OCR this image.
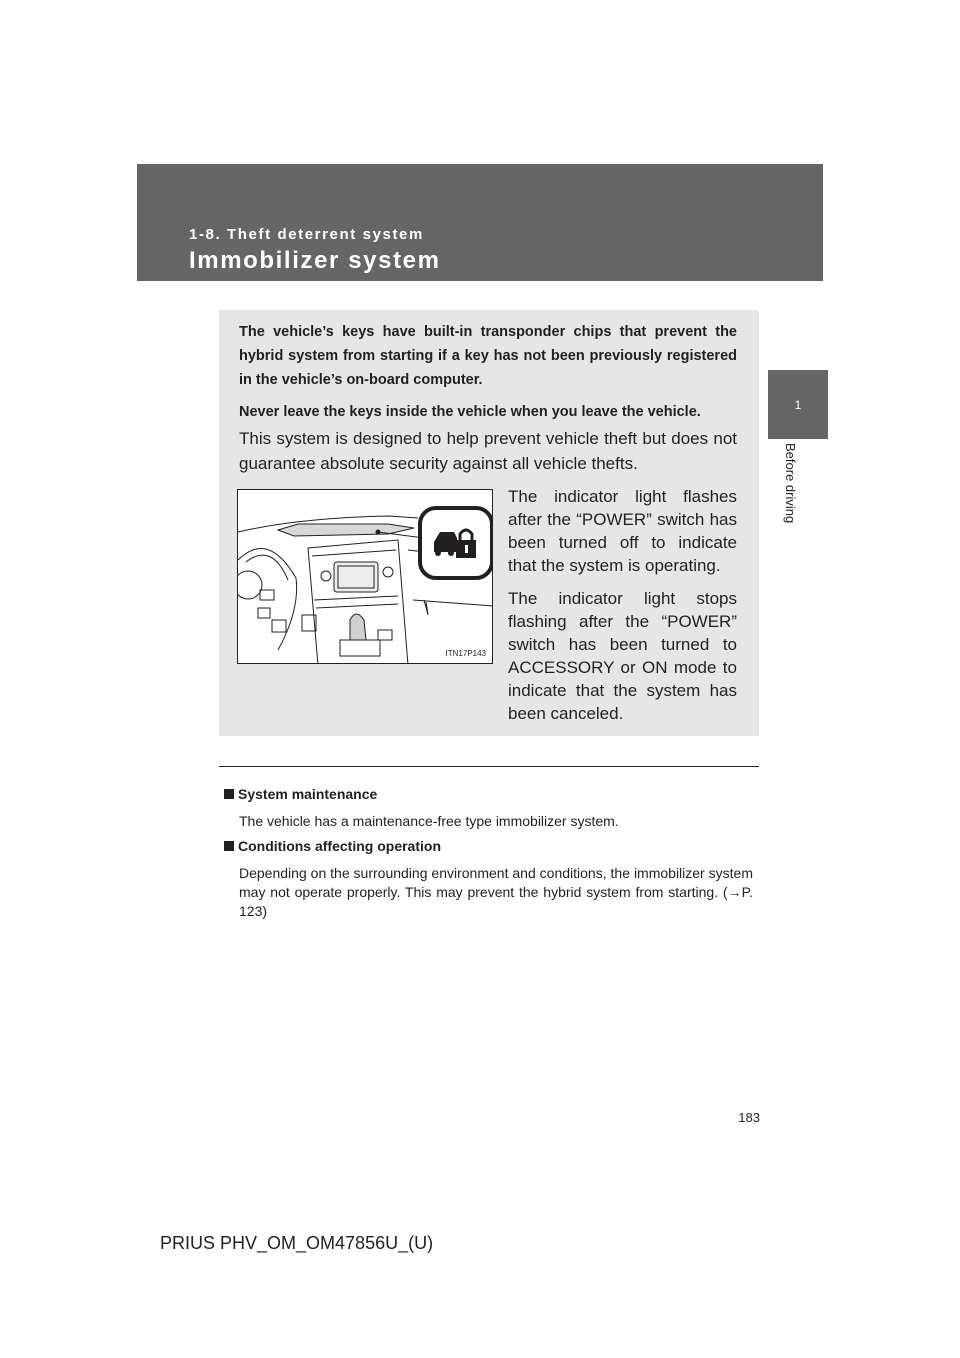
1-8. Theft deterrent system
Immobilizer system
1
Before driving

The vehicle’s keys have built-in transponder chips that prevent the hybrid system from starting if a key has not been previously registered in the vehicle’s on-board computer.

Never leave the keys inside the vehicle when you leave the vehicle.

This system is designed to help prevent vehicle theft but does not guarantee absolute security against all vehicle thefts.
ITN17P143

The indicator light flashes after the “POWER” switch has been turned off to indicate that the system is operating.

The indicator light stops flashing after the “POWER” switch has been turned to ACCESSORY or ON mode to indicate that the system has been canceled.

System maintenance
The vehicle has a maintenance-free type immobilizer system.
Conditions affecting operation
Depending on the surrounding environment and conditions, the immobilizer system may not operate properly. This may prevent the hybrid system from starting. (→P. 123)
183
PRIUS PHV_OM_OM47856U_(U)
